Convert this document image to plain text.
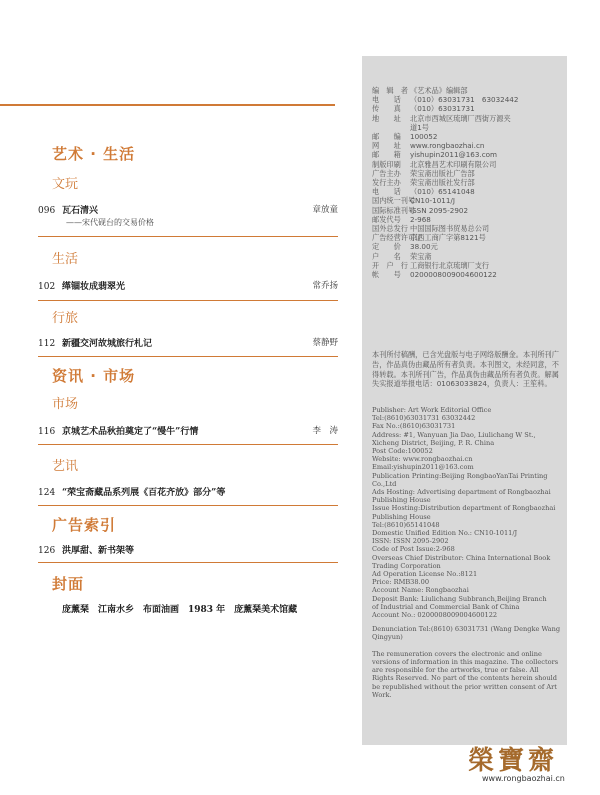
艺术 · 生活
文玩
096 瓦石清兴	章放童
——宋代砚台的交易价格
生活
102 缂锢妆成翡翠光	常乔扬
行旅
112 新疆交河故城旅行札记	蔡静野
资讯 · 市场
市场
116 京城艺术品秋拍奠定了“慢牛”行情	李　涛
艺讯
124 “荣宝斋藏品系列展《百花齐放》部分”等
广告索引
126 洪厚甜、新书架等
封面
庞薰琹　江南水乡　布面油画　1983 年　庞薰琹美术馆藏
编　辑　者 《艺术品》编辑部
电　　话 （010）63031731　63032442
传　　真 （010）63031731
地　　址 北京市西城区琉璃厂西街万源夹
道1号
邮　　编 100052
网　　址 www.rongbaozhai.cn
邮　　箱 yishupin2011@163.com
制版印刷 北京雅昌艺术印刷有限公司
广告主办 荣宝斋出版社广告部
发行主办 荣宝斋出版社发行部
电　　话 （010）65141048
国内统一刊号CN10-1011/J
国际标准刊号ISSN 2095-2902
邮发代号 2-968
国外总发行 中国国际图书贸易总公司
广告经营许可证京西工商广字第8121号
定　　价 38.00元
户　　名 荣宝斋
开　户　行 工商银行北京琉璃厂支行
帐　　号 0200008009004600122
本刊所付稿酬，已含光盘版与电子网络版酬金。本刊所刊广告，作品真伪由藏品所有者负责。本刊图文，未经同意，不得转载。本刊所刊广告，作品真伪由藏品所有者负责。解属失实报道举报电话：01063033824，负责人：王笙科。
Publisher: Art Work Editorial Office
Tel:(8610)63031731 63032442
Fax No.:(8610)63031731
Address: #1, Wanyuan Jia Dao, Liulichang W St.,
Xicheng District, Beijing, P. R. China
Post Code:100052
Website: www.rongbaozhai.cn
Email:yishupin2011@163.com
Publication Printing:Beijing RongbaoYanTai Printing
Co.,Ltd
Ads Hosting: Advertising department of Rongbaozhai
Publishing House
Issue Hosting:Distribution department of Rongbaozhai
Publishing House
Tel:(8610)65141048
Domestic Unified Edition No.: CN10-1011/J
ISSN: ISSN 2095-2902
Code of Post Issue:2-968
Overseas Chief Distributor: China International Book
Trading Corporation
Ad Operation License No.:8121
Price: RMB38.00
Account Name: Rongbaozhai
Deposit Bank: Liulichang Subbranch,Beijing Branch
of Industrial and Commercial Bank of China
Account No.: 0200008009004600122
Denunciation Tel:(8610) 63031731 (Wang Dengke Wang Qingyun)
The remuneration covers the electronic and online versions of information in this magazine. The collectors are responsible for the artworks, true or false. All Rights Reserved. No part of the contents herein should be republished without the prior written consent of Art Work.
榮寶齋
www.rongbaozhai.cn
